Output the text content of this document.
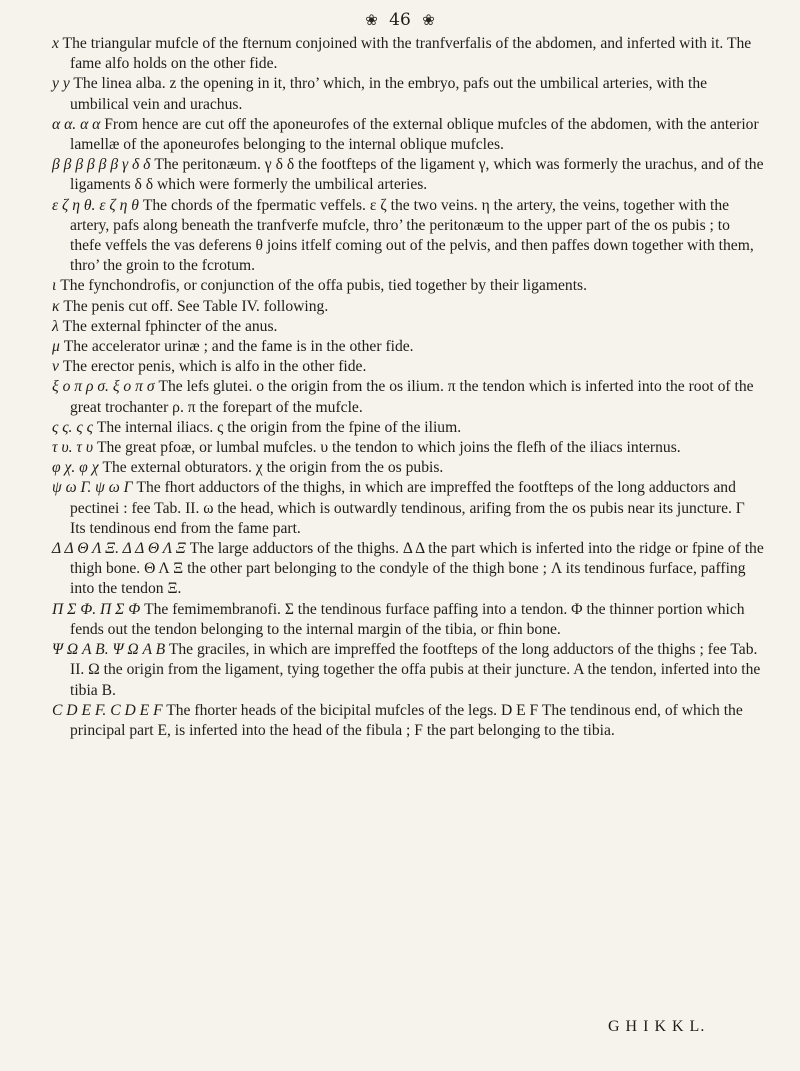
❀ 46 ❀

x The triangular mufcle of the fternum conjoined with the tranfverfalis of the abdomen, and inferted with it. The fame alfo holds on the other fide.

y y The linea alba. z the opening in it, thro’ which, in the embryo, pafs out the umbilical arteries, with the umbilical vein and urachus.

α α. α α From hence are cut off the aponeurofes of the external oblique mufcles of the abdomen, with the anterior lamellæ of the aponeurofes belonging to the internal oblique mufcles.

β β β β β β γ δ δ The peritonæum. γ δ δ the footfteps of the ligament γ, which was formerly the urachus, and of the ligaments δ δ which were formerly the umbilical arteries.

ε ζ η θ. ε ζ η θ The chords of the fpermatic veffels. ε ζ the two veins. η the artery, the veins, together with the artery, pafs along beneath the tranfverfe mufcle, thro’ the peritonæum to the upper part of the os pubis ; to thefe veffels the vas deferens θ joins itfelf coming out of the pelvis, and then paffes down together with them, thro’ the groin to the fcrotum.

ι The fynchondrofis, or conjunction of the offa pubis, tied together by their ligaments.

κ The penis cut off. See Table IV. following.

λ The external fphincter of the anus.

μ The accelerator urinæ ; and the fame is in the other fide.

ν The erector penis, which is alfo in the other fide.

ξ ο π ρ σ. ξ ο π σ The lefs glutei. ο the origin from the os ilium. π the tendon which is inferted into the root of the great trochanter ρ. π the forepart of the mufcle.

ς ς. ς ς The internal iliacs. ς the origin from the fpine of the ilium.

τ υ. τ υ The great pfoæ, or lumbal mufcles. υ the tendon to which joins the flefh of the iliacs internus.

φ χ. φ χ The external obturators. χ the origin from the os pubis.

ψ ω Γ. ψ ω Γ The fhort adductors of the thighs, in which are impreffed the footfteps of the long adductors and pectinei : fee Tab. II. ω the head, which is outwardly tendinous, arifing from the os pubis near its juncture. Γ Its tendinous end from the fame part.

Δ Δ Θ Λ Ξ. Δ Δ Θ Λ Ξ The large adductors of the thighs. Δ Δ the part which is inferted into the ridge or fpine of the thigh bone. Θ Λ Ξ the other part belonging to the condyle of the thigh bone ; Λ its tendinous furface, paffing into the tendon Ξ.

Π Σ Φ. Π Σ Φ The femimembranofi. Σ the tendinous furface paffing into a tendon. Φ the thinner portion which fends out the tendon belonging to the internal margin of the tibia, or fhin bone.

Ψ Ω A B. Ψ Ω A B The graciles, in which are impreffed the footfteps of the long adductors of the thighs ; fee Tab. II. Ω the origin from the ligament, tying together the offa pubis at their juncture. A the tendon, inferted into the tibia B.

C D E F. C D E F The fhorter heads of the bicipital mufcles of the legs. D E F The tendinous end, of which the principal part E, is inferted into the head of the fibula ; F the part belonging to the tibia.

G H I K K L.
